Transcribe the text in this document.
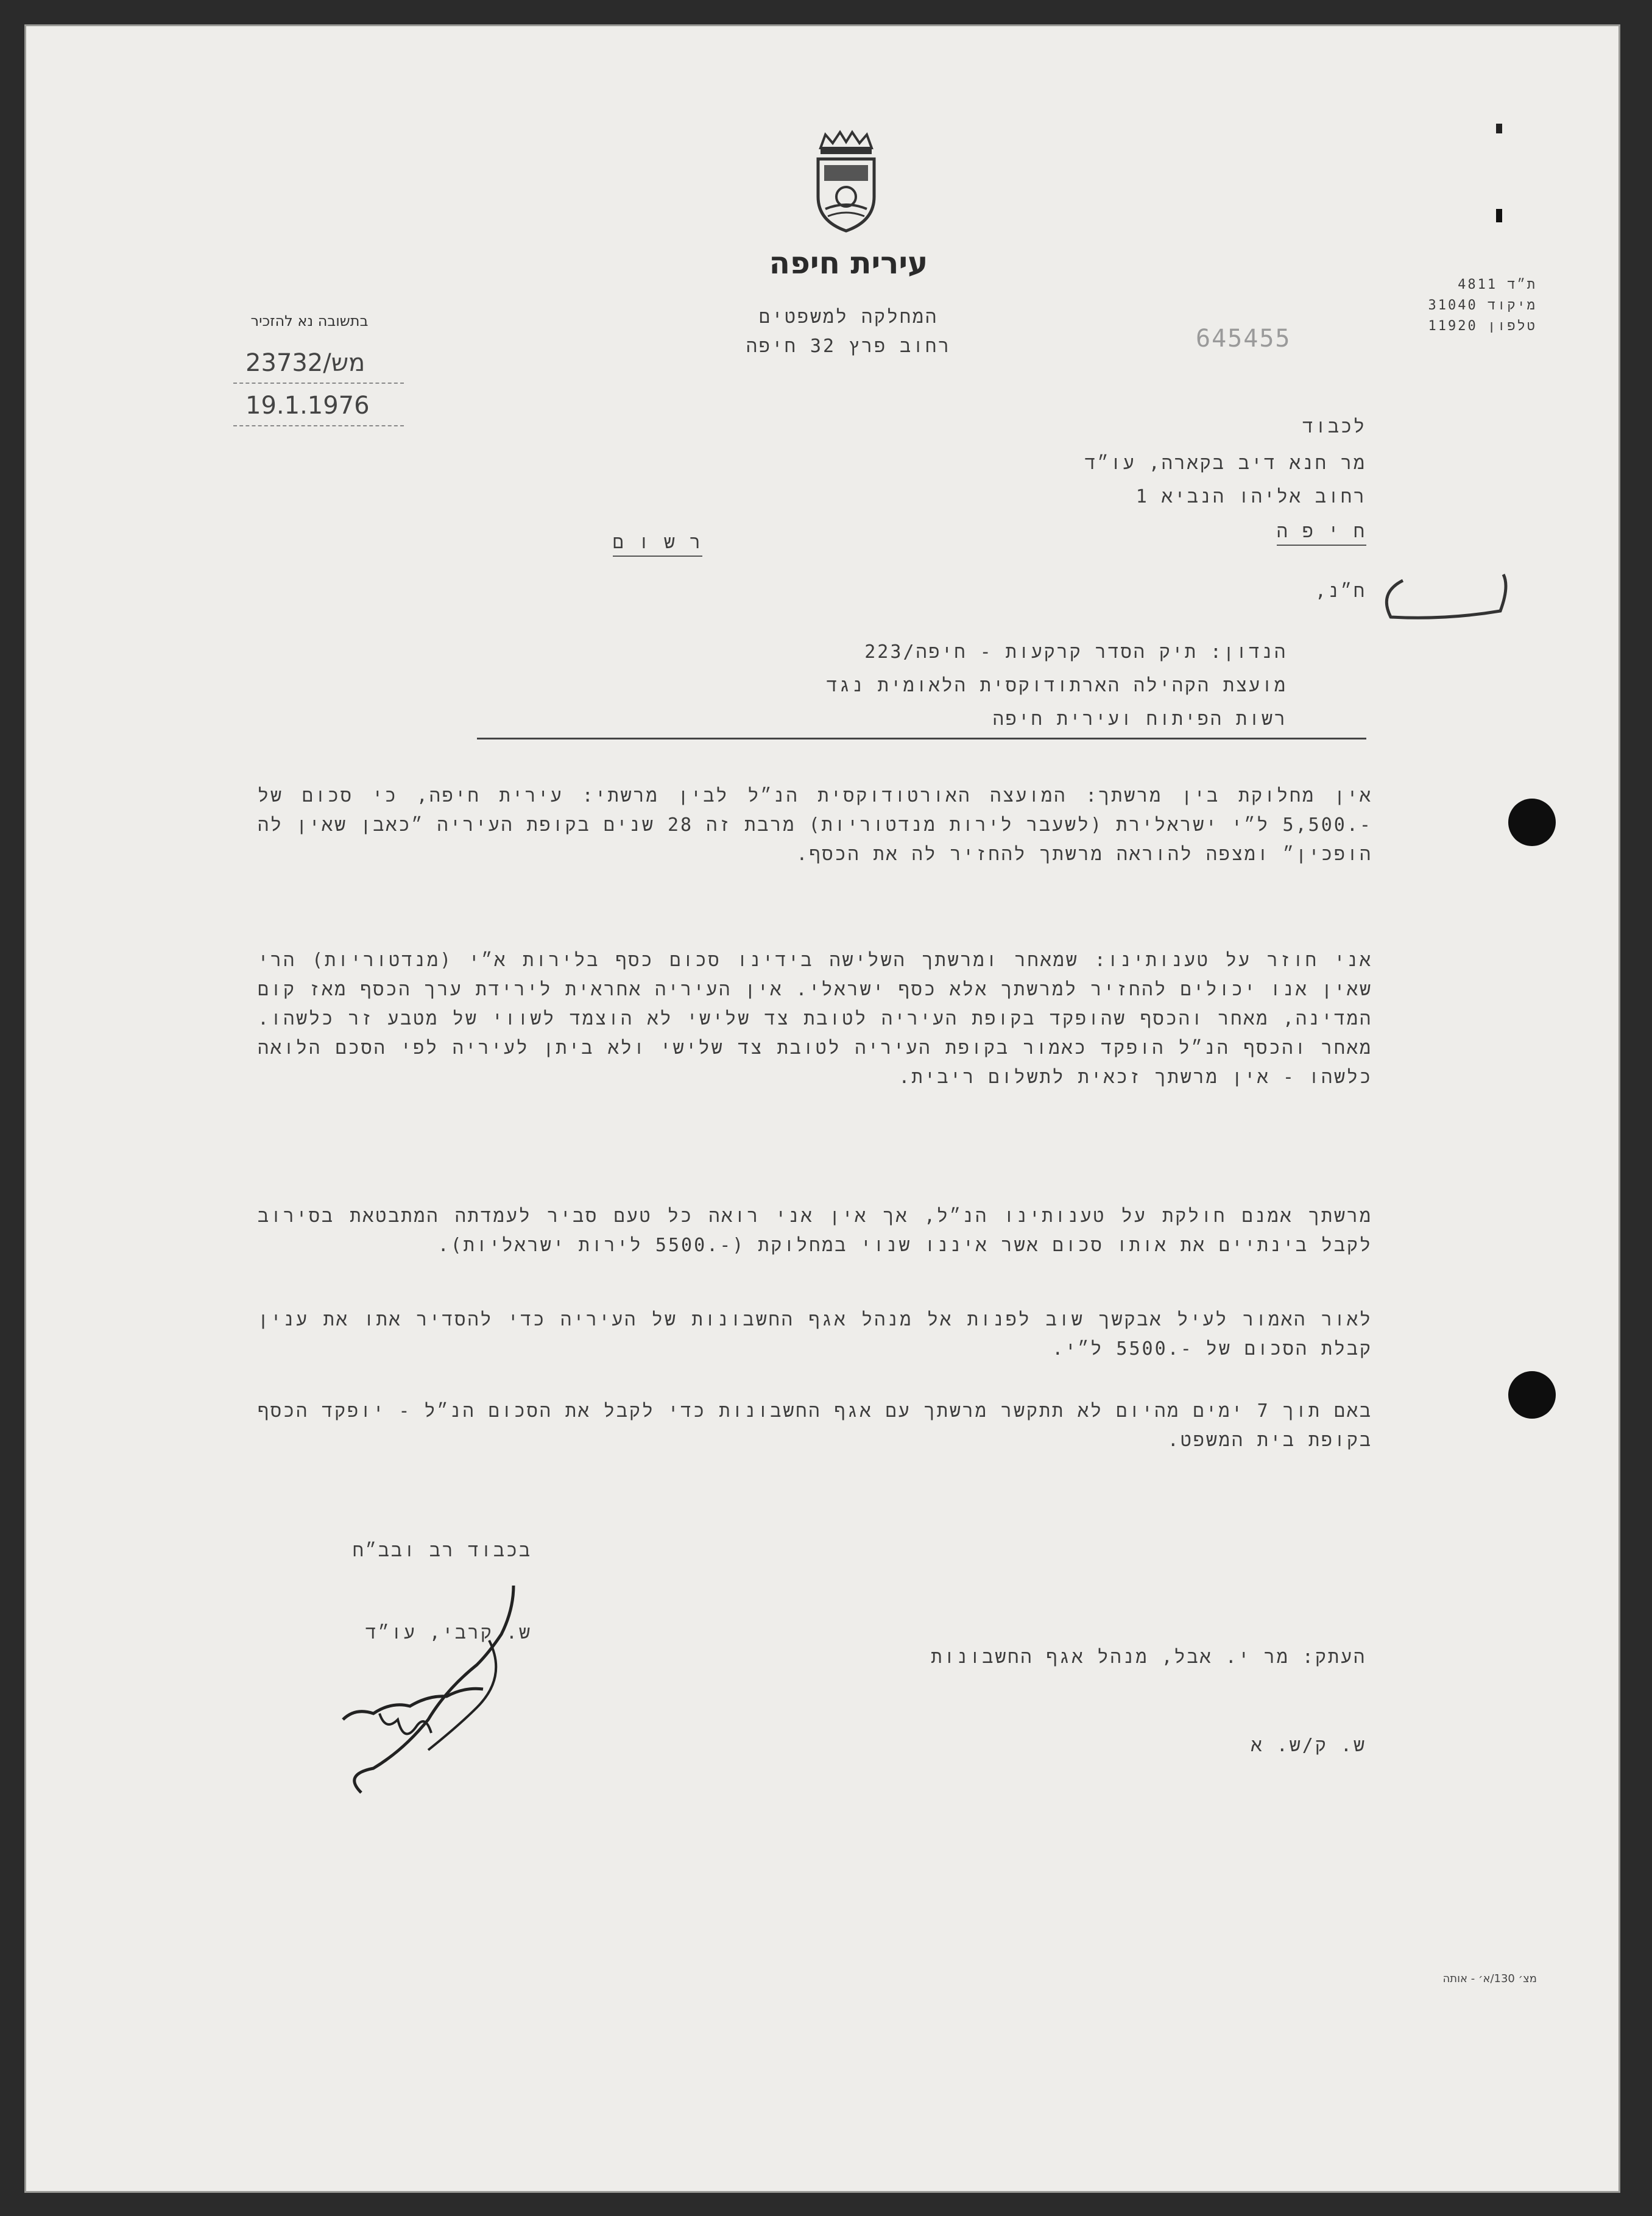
עירית חיפה
המחלקה למשפטים
רחוב פרץ 32 חיפה
בתשובה נא להזכיר
מש/23732
19.1.1976
645455
ת״ד 4811
מיקוד 31040
טלפון 11920
לכבוד
מר חנא דיב בקארה, עו״ד
רחוב אליהו הנביא 1
ח י פ ה
ר ש ו ם
ח״נ,
הנדון: תיק הסדר קרקעות - חיפה/223
מועצת הקהילה הארתודוקסית הלאומית נגד
רשות הפיתוח ועירית חיפה
אין מחלוקת בין מרשתך: המועצה האורטודוקסית הנ״ל לבין מרשתי: עירית חיפה, כי סכום של -.5,500 ל״י ישראלירת (לשעבר לירות מנדטוריות) מרבת זה 28 שנים בקופת העיריה ״כאבן שאין לה הופכין״ ומצפה להוראה מרשתך להחזיר לה את הכסף.
אני חוזר על טענותינו: שמאחר ומרשתך השלישה בידינו סכום כסף בלירות א״י (מנדטוריות) הרי שאין אנו יכולים להחזיר למרשתך אלא כסף ישראלי. אין העיריה אחראית לירידת ערך הכסף מאז קום המדינה, מאחר והכסף שהופקד בקופת העיריה לטובת צד שלישי לא הוצמד לשווי של מטבע זר כלשהו. מאחר והכסף הנ״ל הופקד כאמור בקופת העיריה לטובת צד שלישי ולא ביתן לעיריה לפי הסכם הלואה כלשהו - אין מרשתך זכאית לתשלום ריבית.
מרשתך אמנם חולקת על טענותינו הנ״ל, אך אין אני רואה כל טעם סביר לעמדתה המתבטאת בסירוב לקבל בינתיים את אותו סכום אשר איננו שנוי במחלוקת (-.5500 לירות ישראליות).
לאור האמור לעיל אבקשך שוב לפנות אל מנהל אגף החשבונות של העיריה כדי להסדיר אתו את ענין קבלת הסכום של -.5500 ל״י.
באם תוך 7 ימים מהיום לא תתקשר מרשתך עם אגף החשבונות כדי לקבל את הסכום הנ״ל - יופקד הכסף בקופת בית המשפט.
בכבוד רב ובב״ח
ש. קרבי, עו״ד
העתק: מר י. אבל, מנהל אגף החשבונות
ש. ק/ש. א
מצ׳ 130/א׳ - אותה
